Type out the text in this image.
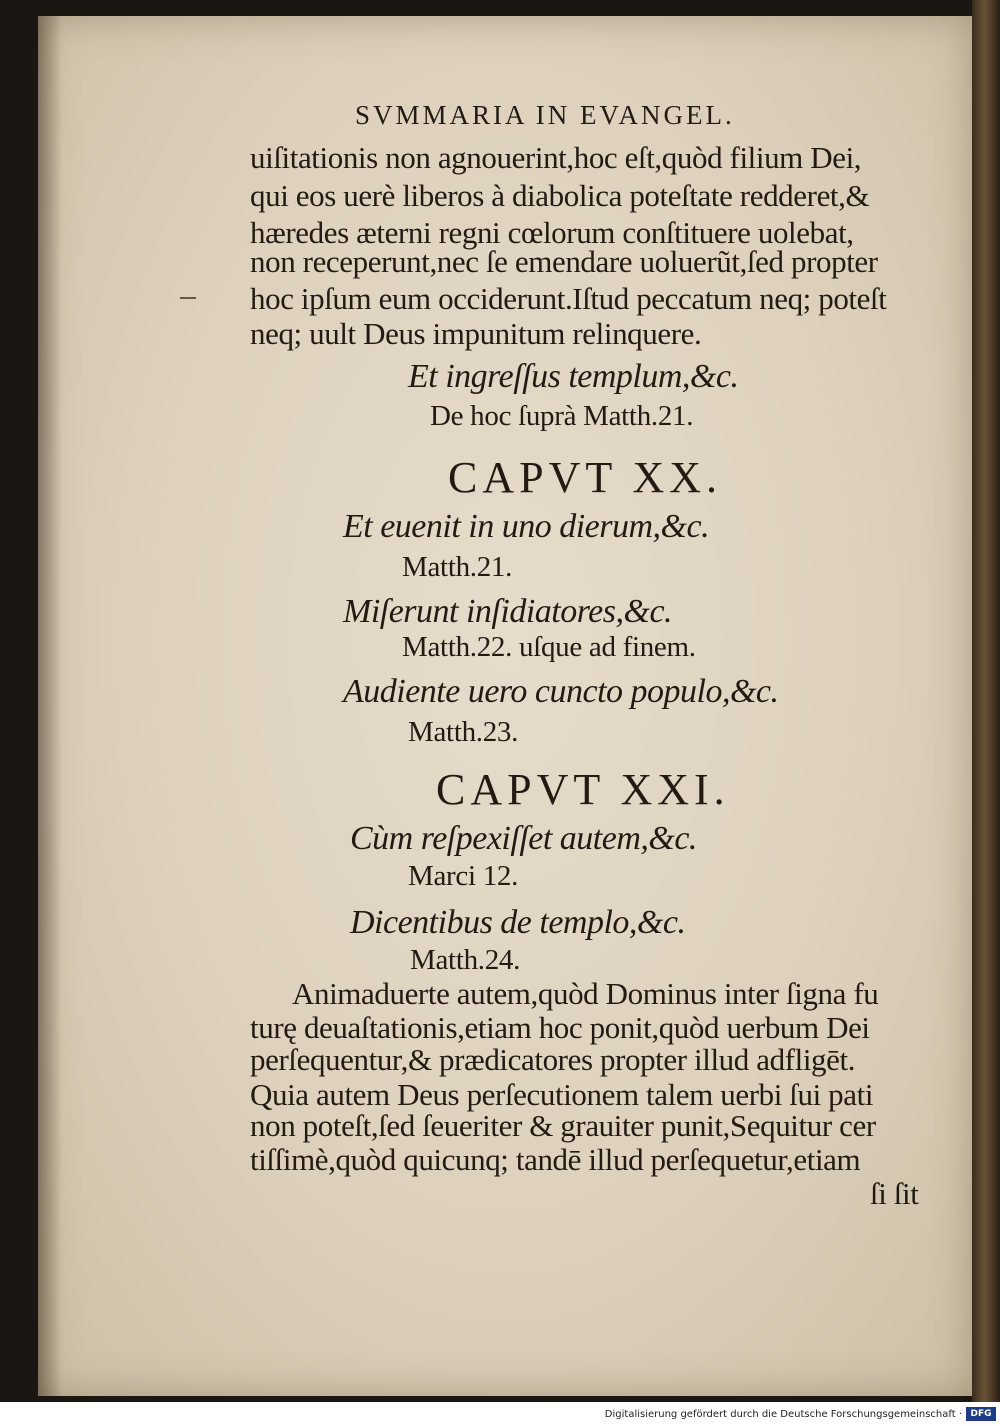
SVMMARIA IN EVANGEL.
uiſitationis non agnouerint,hoc eſt,quòd filium Dei,
qui eos uerè liberos à diabolica poteſtate redderet,&
hæredes æterni regni cœlorum conſtituere uolebat,
non receperunt,nec ſe emendare uoluerũt,ſed propter
hoc ipſum eum occiderunt.Iſtud peccatum neq; poteſt
neq; uult Deus impunitum relinquere.
Et ingreſſus templum,&c.
De hoc ſuprà Matth.21.
CAPVT XX.
Et euenit in uno dierum,&c.
Matth.21.
Miſerunt inſidiatores,&c.
Matth.22. uſque ad finem.
Audiente uero cuncto populo,&c.
Matth.23.
CAPVT XXI.
Cùm reſpexiſſet autem,&c.
Marci 12.
Dicentibus de templo,&c.
Matth.24.
Animaduerte autem,quòd Dominus inter ſigna fu
turę deuaſtationis,etiam hoc ponit,quòd uerbum Dei
perſequentur,& prædicatores propter illud adfligēt.
Quia autem Deus perſecutionem talem uerbi ſui pati
non poteſt,ſed ſeueriter & grauiter punit,Sequitur cer
tiſſimè,quòd quicunq; tandē illud perſequetur,etiam
ſi ſit
Digitalisierung gefördert durch die Deutsche Forschungsgemeinschaft · DFG
